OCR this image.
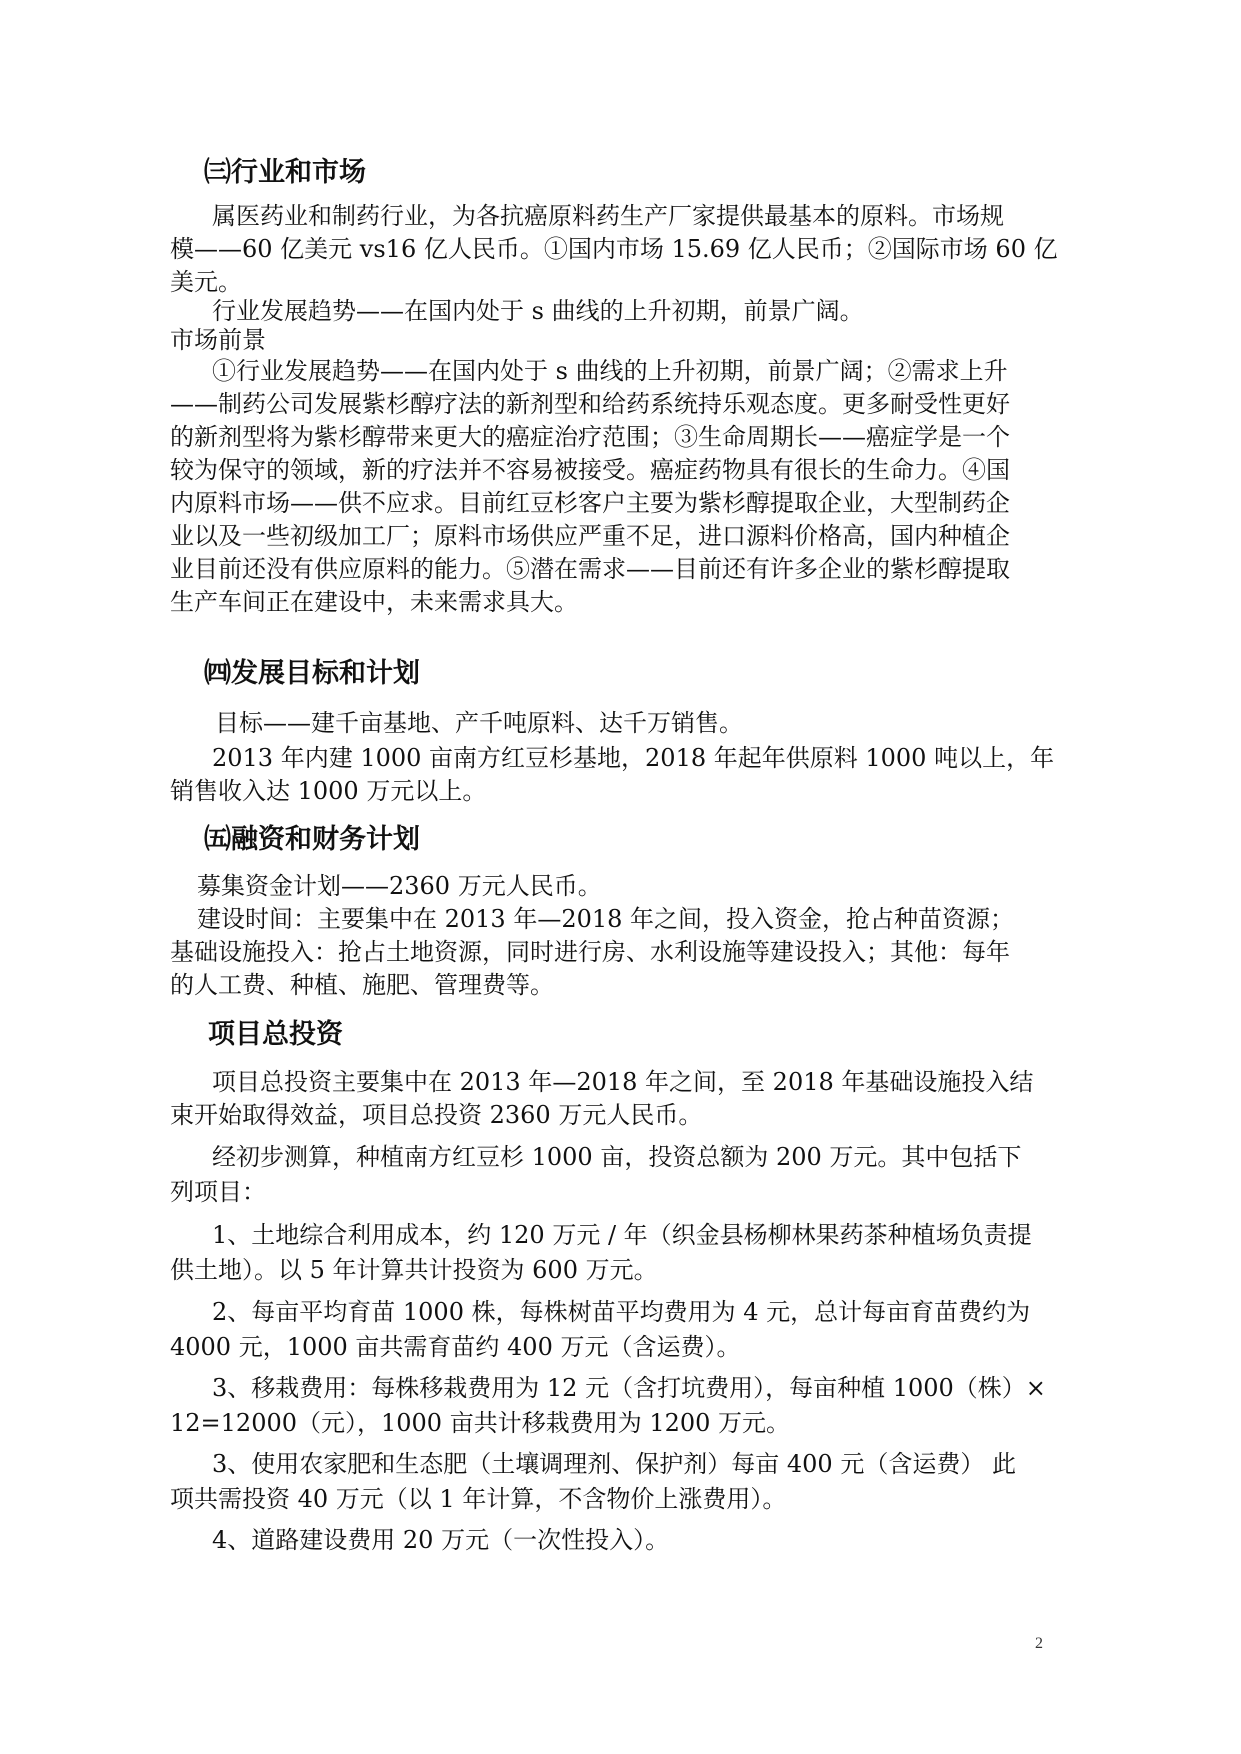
㈢行业和市场
属医药业和制药行业，为各抗癌原料药生产厂家提供最基本的原料。市场规
模——60 亿美元 vs16 亿人民币。①国内市场 15.69 亿人民币；②国际市场 60 亿
美元。
行业发展趋势——在国内处于 s 曲线的上升初期，前景广阔。
市场前景
①行业发展趋势——在国内处于 s 曲线的上升初期，前景广阔；②需求上升
——制药公司发展紫杉醇疗法的新剂型和给药系统持乐观态度。更多耐受性更好
的新剂型将为紫杉醇带来更大的癌症治疗范围；③生命周期长——癌症学是一个
较为保守的领域，新的疗法并不容易被接受。癌症药物具有很长的生命力。④国
内原料市场——供不应求。目前红豆杉客户主要为紫杉醇提取企业，大型制药企
业以及一些初级加工厂；原料市场供应严重不足，进口源料价格高，国内种植企
业目前还没有供应原料的能力。⑤潜在需求——目前还有许多企业的紫杉醇提取
生产车间正在建设中，未来需求具大。
㈣发展目标和计划
目标——建千亩基地、产千吨原料、达千万销售。
2013 年内建 1000 亩南方红豆杉基地，2018 年起年供原料 1000 吨以上，年
销售收入达 1000 万元以上。
㈤融资和财务计划
募集资金计划——2360 万元人民币。
建设时间：主要集中在 2013 年—2018 年之间，投入资金，抢占种苗资源；
基础设施投入：抢占土地资源，同时进行房、水利设施等建设投入；其他：每年
的人工费、种植、施肥、管理费等。
项目总投资
项目总投资主要集中在 2013 年—2018 年之间，至 2018 年基础设施投入结
束开始取得效益，项目总投资 2360 万元人民币。
经初步测算，种植南方红豆杉 1000 亩，投资总额为 200 万元。其中包括下
列项目：
1、土地综合利用成本，约 120 万元 / 年（织金县杨柳林果药茶种植场负责提
供土地）。以 5 年计算共计投资为 600 万元。
2、每亩平均育苗 1000 株，每株树苗平均费用为 4 元，总计每亩育苗费约为
4000 元，1000 亩共需育苗约 400 万元（含运费）。
3、移栽费用：每株移栽费用为 12 元（含打坑费用），每亩种植 1000（株）×
12=12000（元），1000 亩共计移栽费用为 1200 万元。
3、使用农家肥和生态肥（土壤调理剂、保护剂）每亩 400 元（含运费） 此
项共需投资 40 万元（以 1 年计算，不含物价上涨费用）。
4、道路建设费用 20 万元（一次性投入）。
2
